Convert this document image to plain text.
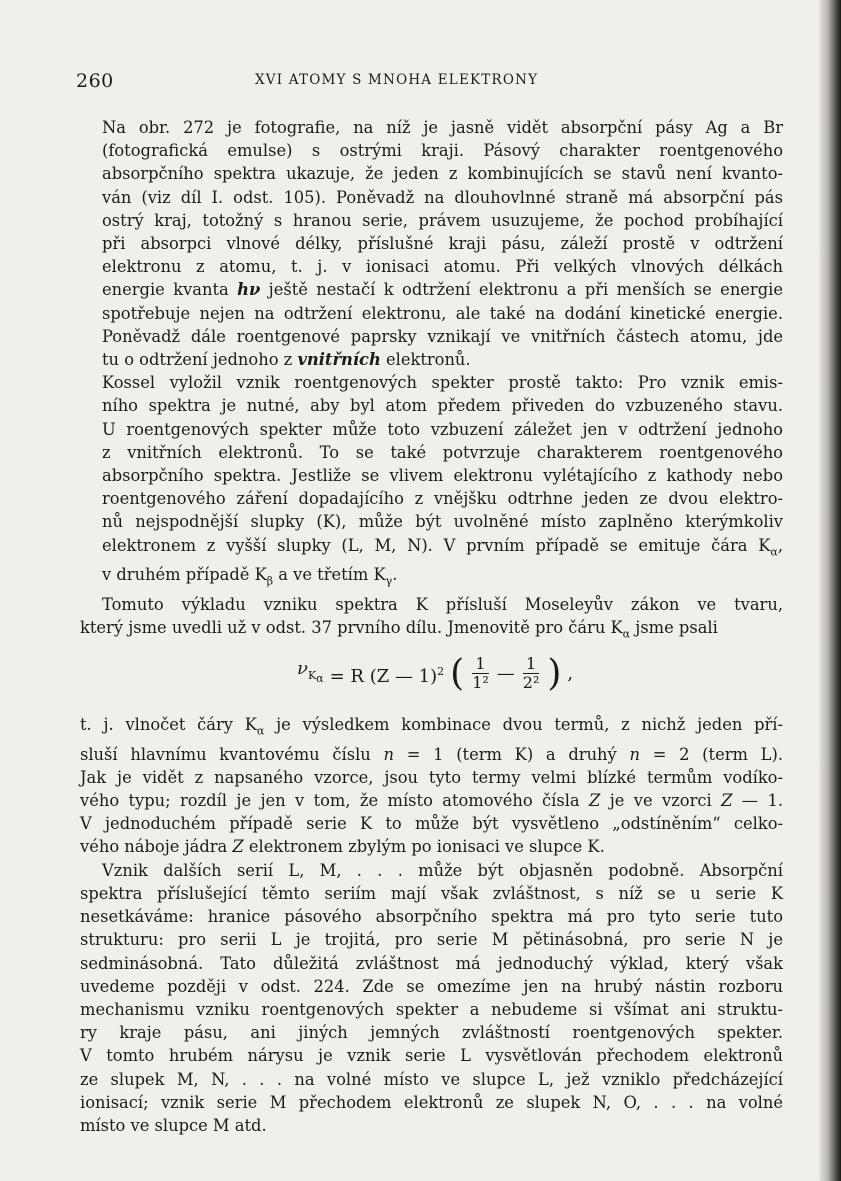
260	XVI ATOMY S MNOHA ELEKTRONY

Na obr. 272 je fotografie, na níž je jasně vidět absorpční pásy Ag a Br
(fotografická emulse) s ostrými kraji. Pásový charakter roentgenového
absorpčního spektra ukazuje, že jeden z kombinujících se stavů není kvanto-
ván (viz díl I. odst. 105). Poněvadž na dlouhovlnné straně má absorpční pás
ostrý kraj, totožný s hranou serie, právem usuzujeme, že pochod probíhající
při absorpci vlnové délky, příslušné kraji pásu, záleží prostě v odtržení
elektronu z atomu, t. j. v ionisaci atomu. Při velkých vlnových délkách
energie kvanta hν ještě nestačí k odtržení elektronu a při menších se energie
spotřebuje nejen na odtržení elektronu, ale také na dodání kinetické energie.
Poněvadž dále roentgenové paprsky vznikají ve vnitřních částech atomu, jde
tu o odtržení jednoho z vnitřních elektronů.

Kossel vyložil vznik roentgenových spekter prostě takto: Pro vznik emis-
ního spektra je nutné, aby byl atom předem přiveden do vzbuzeného stavu.
U roentgenových spekter může toto vzbuzení záležet jen v odtržení jednoho
z vnitřních elektronů. To se také potvrzuje charakterem roentgenového
absorpčního spektra. Jestliže se vlivem elektronu vylétajícího z kathody nebo
roentgenového záření dopadajícího z vnějšku odtrhne jeden ze dvou elektro-
nů nejspodnější slupky (K), může být uvolněné místo zaplněno kterýmkoliv
elektronem z vyšší slupky (L, M, N). V prvním případě se emituje čára $K_\alpha$,
v druhém případě $K_\beta$ a ve třetím $K_\gamma$.

Tomuto výkladu vzniku spektra K přísluší Moseleyův zákon ve tvaru,
který jsme uvedli už v odst. 37 prvního dílu. Jmenovitě pro čáru $K_\alpha$ jsme psali

$\nu_{K_\alpha} = R$ (Z — 1)$^2$ ( $\frac{1}{\text{1²}}$ — $\frac{1}{\text{2²}}$ ) ,

t. j. vlnočet čáry $K_\alpha$ je výsledkem kombinace dvou termů, z nichž jeden pří-
sluší hlavnímu kvantovému číslu n = 1 (term K) a druhý n = 2 (term L).
Jak je vidět z napsaného vzorce, jsou tyto termy velmi blízké termům vodíko-
vého typu; rozdíl je jen v tom, že místo atomového čísla Z je ve vzorci Z — 1.
V jednoduchém případě serie K to může být vysvětleno „odstíněním“ celko-
vého náboje jádra Z elektronem zbylým po ionisaci ve slupce K.

Vznik dalších serií L, M, . . . může být objasněn podobně. Absorpční
spektra příslušející těmto seriím mají však zvláštnost, s níž se u serie K
nesetkáváme: hranice pásového absorpčního spektra má pro tyto serie tuto
strukturu: pro serii L je trojitá, pro serie M pětinásobná, pro serie N je
sedminásobná. Tato důležitá zvláštnost má jednoduchý výklad, který však
uvedeme později v odst. 224. Zde se omezíme jen na hrubý nástin rozboru
mechanismu vzniku roentgenových spekter a nebudeme si všímat ani struktu-
ry kraje pásu, ani jiných jemných zvláštností roentgenových spekter.
V tomto hrubém nárysu je vznik serie L vysvětlován přechodem elektronů
ze slupek M, N, . . . na volné místo ve slupce L, jež vzniklo předcházející
ionisací; vznik serie M přechodem elektronů ze slupek N, O, . . . na volné
místo ve slupce M atd.
